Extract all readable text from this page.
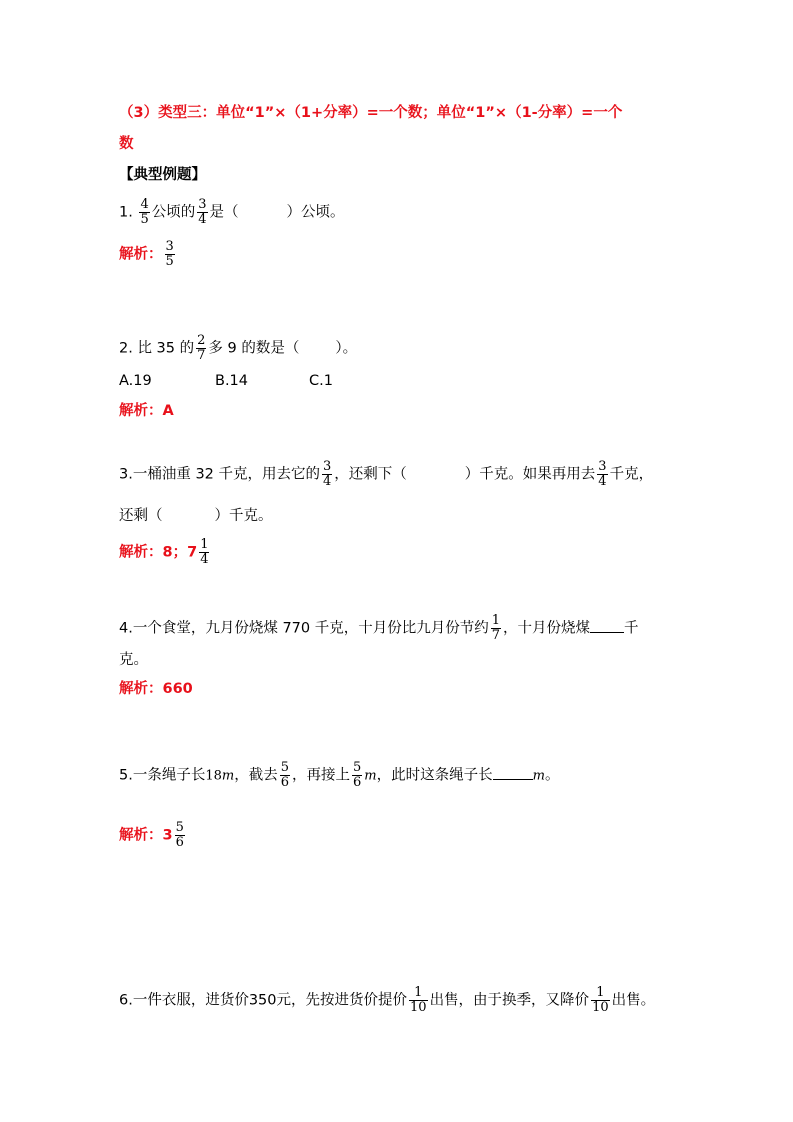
（3）类型三：单位“1”×（1+分率）=一个数；单位“1”×（1-分率）=一个
数
【典型例题】
1. $\frac{4}{5}$ 公顷的 $\frac{3}{4}$ 是（	）公顷。
解析： $\frac{3}{5}$
2. 比 35 的 $\frac{2}{7}$ 多 9 的数是（ ）。
A.19	B.14	C.1
解析：A
3.一桶油重 32 千克，用去它的 $\frac{3}{4}$ ，还剩下（	）千克。如果再用去 $\frac{3}{4}$ 千克，
还剩（	）千克。
解析：8；$7 \frac{1}{4}$
4.一个食堂，九月份烧煤 770 千克，十月份比九月份节约 $\frac{1}{7}$ ，十月份烧煤 千
克。
解析：660
5.一条绳子长18m，截去 $\frac{5}{6}$ ，再接上 $\frac{5}{6}$ m，此时这条绳子长	m。
解析：$3 \frac{5}{6}$
6.一件衣服，进货价350元，先按进货价提价 $\frac{1}{10}$ 出售，由于换季，又降价 $\frac{1}{10}$ 出售。
